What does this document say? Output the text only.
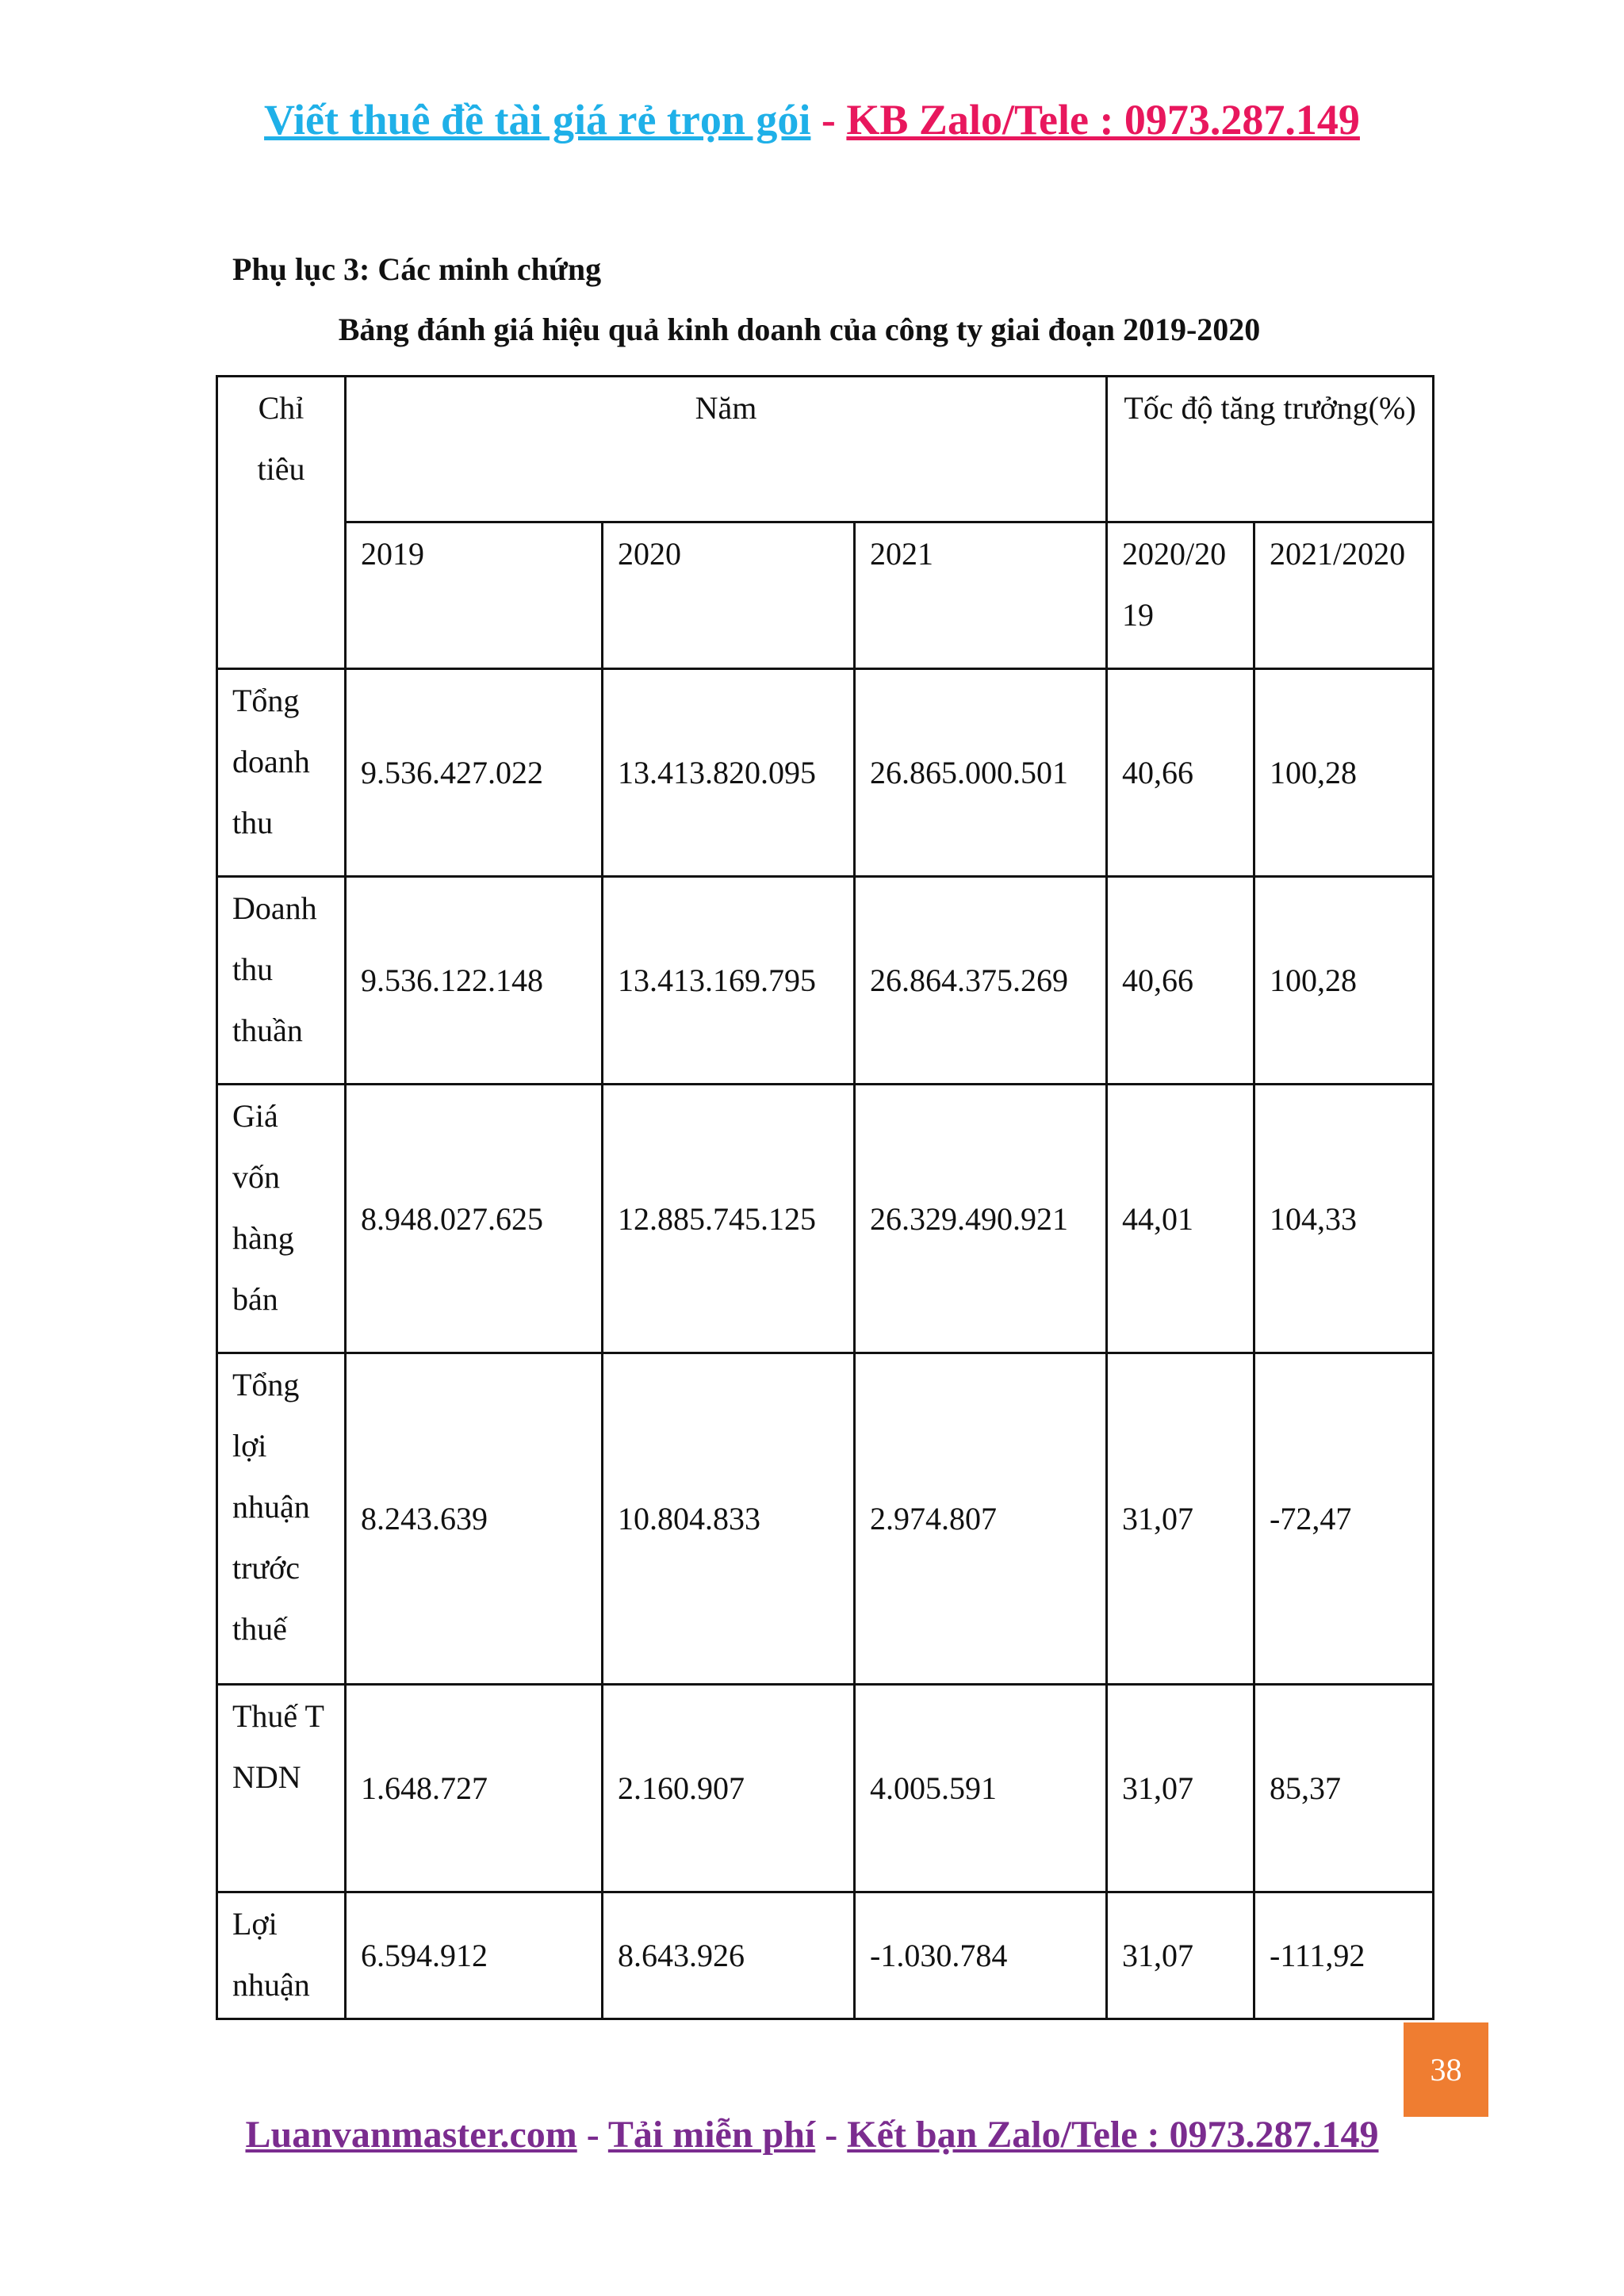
Viết thuê đề tài giá rẻ trọn gói - KB Zalo/Tele : 0973.287.149
Phụ lục 3: Các minh chứng
Bảng đánh giá hiệu quả kinh doanh của công ty giai đoạn 2019-2020
Chỉ tiêu	Năm			Tốc độ tăng trưởng(%)	
	2019	2020	2021	2020/2019	2021/2020
Tổng doanh thu	9.536.427.022	13.413.820.095	26.865.000.501	40,66	100,28
Doanh thu thuần	9.536.122.148	13.413.169.795	26.864.375.269	40,66	100,28
Giá vốn hàng bán	8.948.027.625	12.885.745.125	26.329.490.921	44,01	104,33
Tổng lợi nhuận trước thuế	8.243.639	10.804.833	2.974.807	31,07	-72,47
Thuế TNDN	1.648.727	2.160.907	4.005.591	31,07	85,37
Lợi nhuận	6.594.912	8.643.926	-1.030.784	31,07	-111,92
38
Luanvanmaster.com - Tải miễn phí - Kết bạn Zalo/Tele : 0973.287.149
